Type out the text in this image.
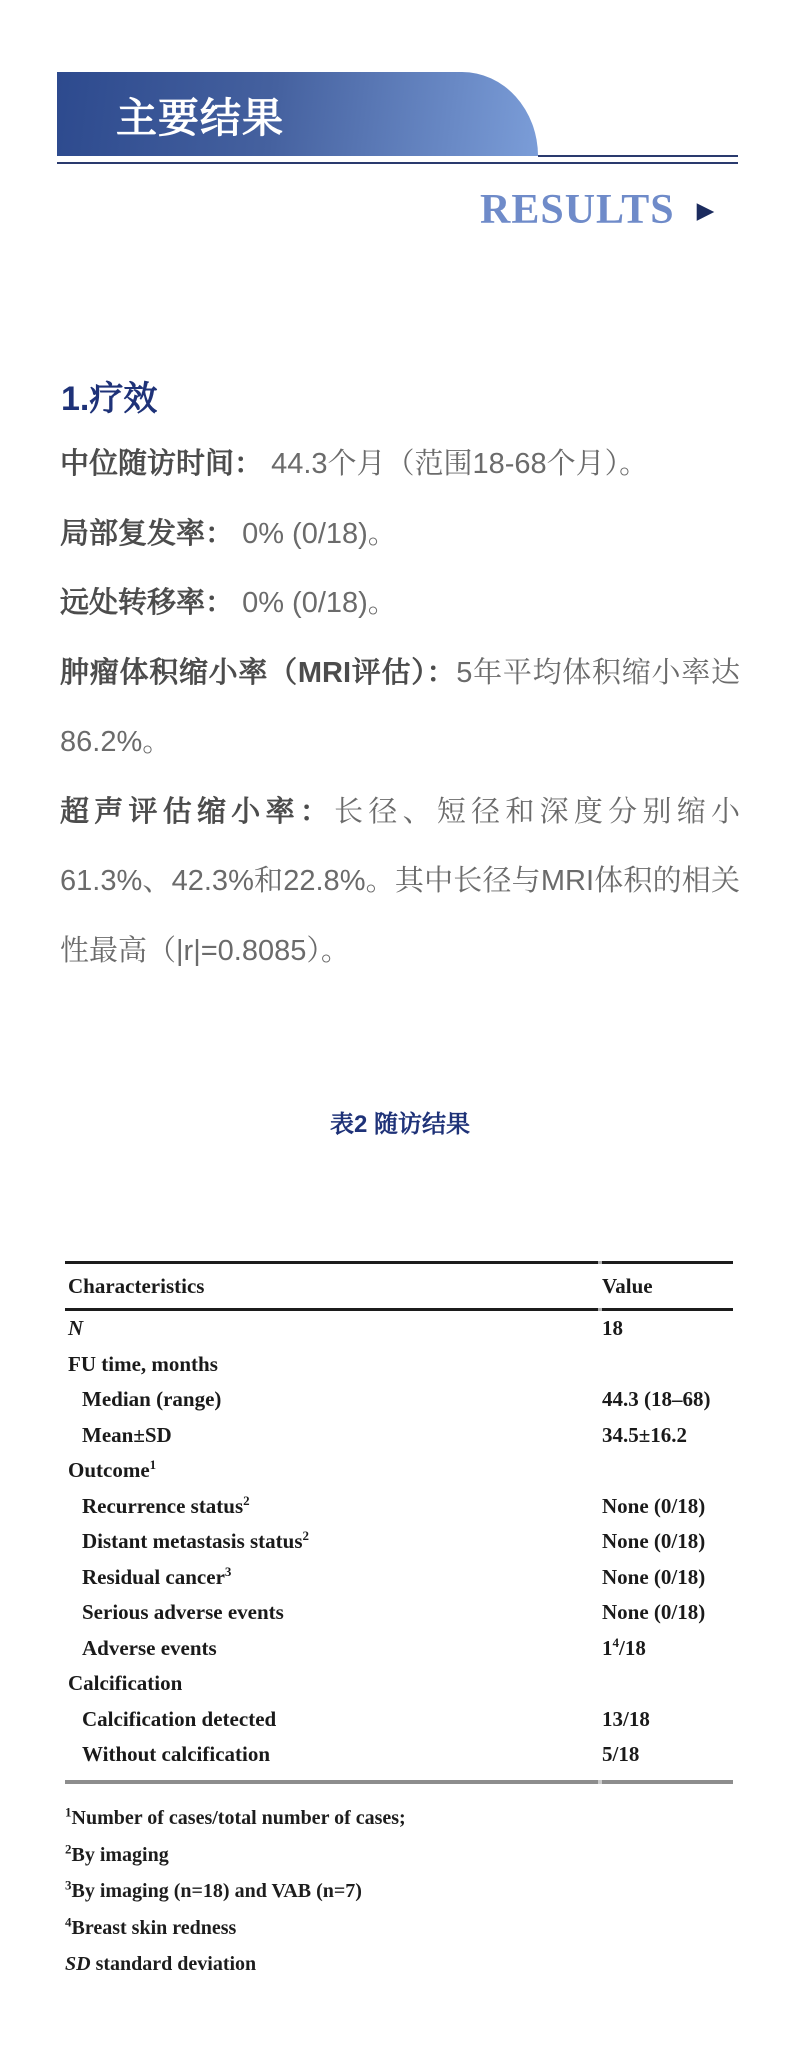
主要结果
RESULTS ▶
1.疗效

中位随访时间： 44.3个月（范围18-68个月）。

局部复发率： 0% (0/18)。

远处转移率： 0% (0/18)。

肿瘤体积缩小率（MRI评估）：5年平均体积缩小率达86.2%。

超声评估缩小率：长径、短径和深度分别缩小61.3%、42.3%和22.8%。其中长径与MRI体积的相关性最高（|r|=0.8085）。

表2 随访结果
Characteristics	Value
N	18
FU time, months
Median (range)	44.3 (18–68)
Mean±SD	34.5±16.2
Outcome$^1$
Recurrence status$^2$	None (0/18)
Distant metastasis status$^2$	None (0/18)
Residual cancer$^3$	None (0/18)
Serious adverse events	None (0/18)
Adverse events	$1^4/18$
Calcification
Calcification detected	13/18
Without calcification	5/18
$^1$Number of cases/total number of cases;
$^2$By imaging
$^3$By imaging (n=18) and VAB (n=7)
$^4$Breast skin redness
SD standard deviation
